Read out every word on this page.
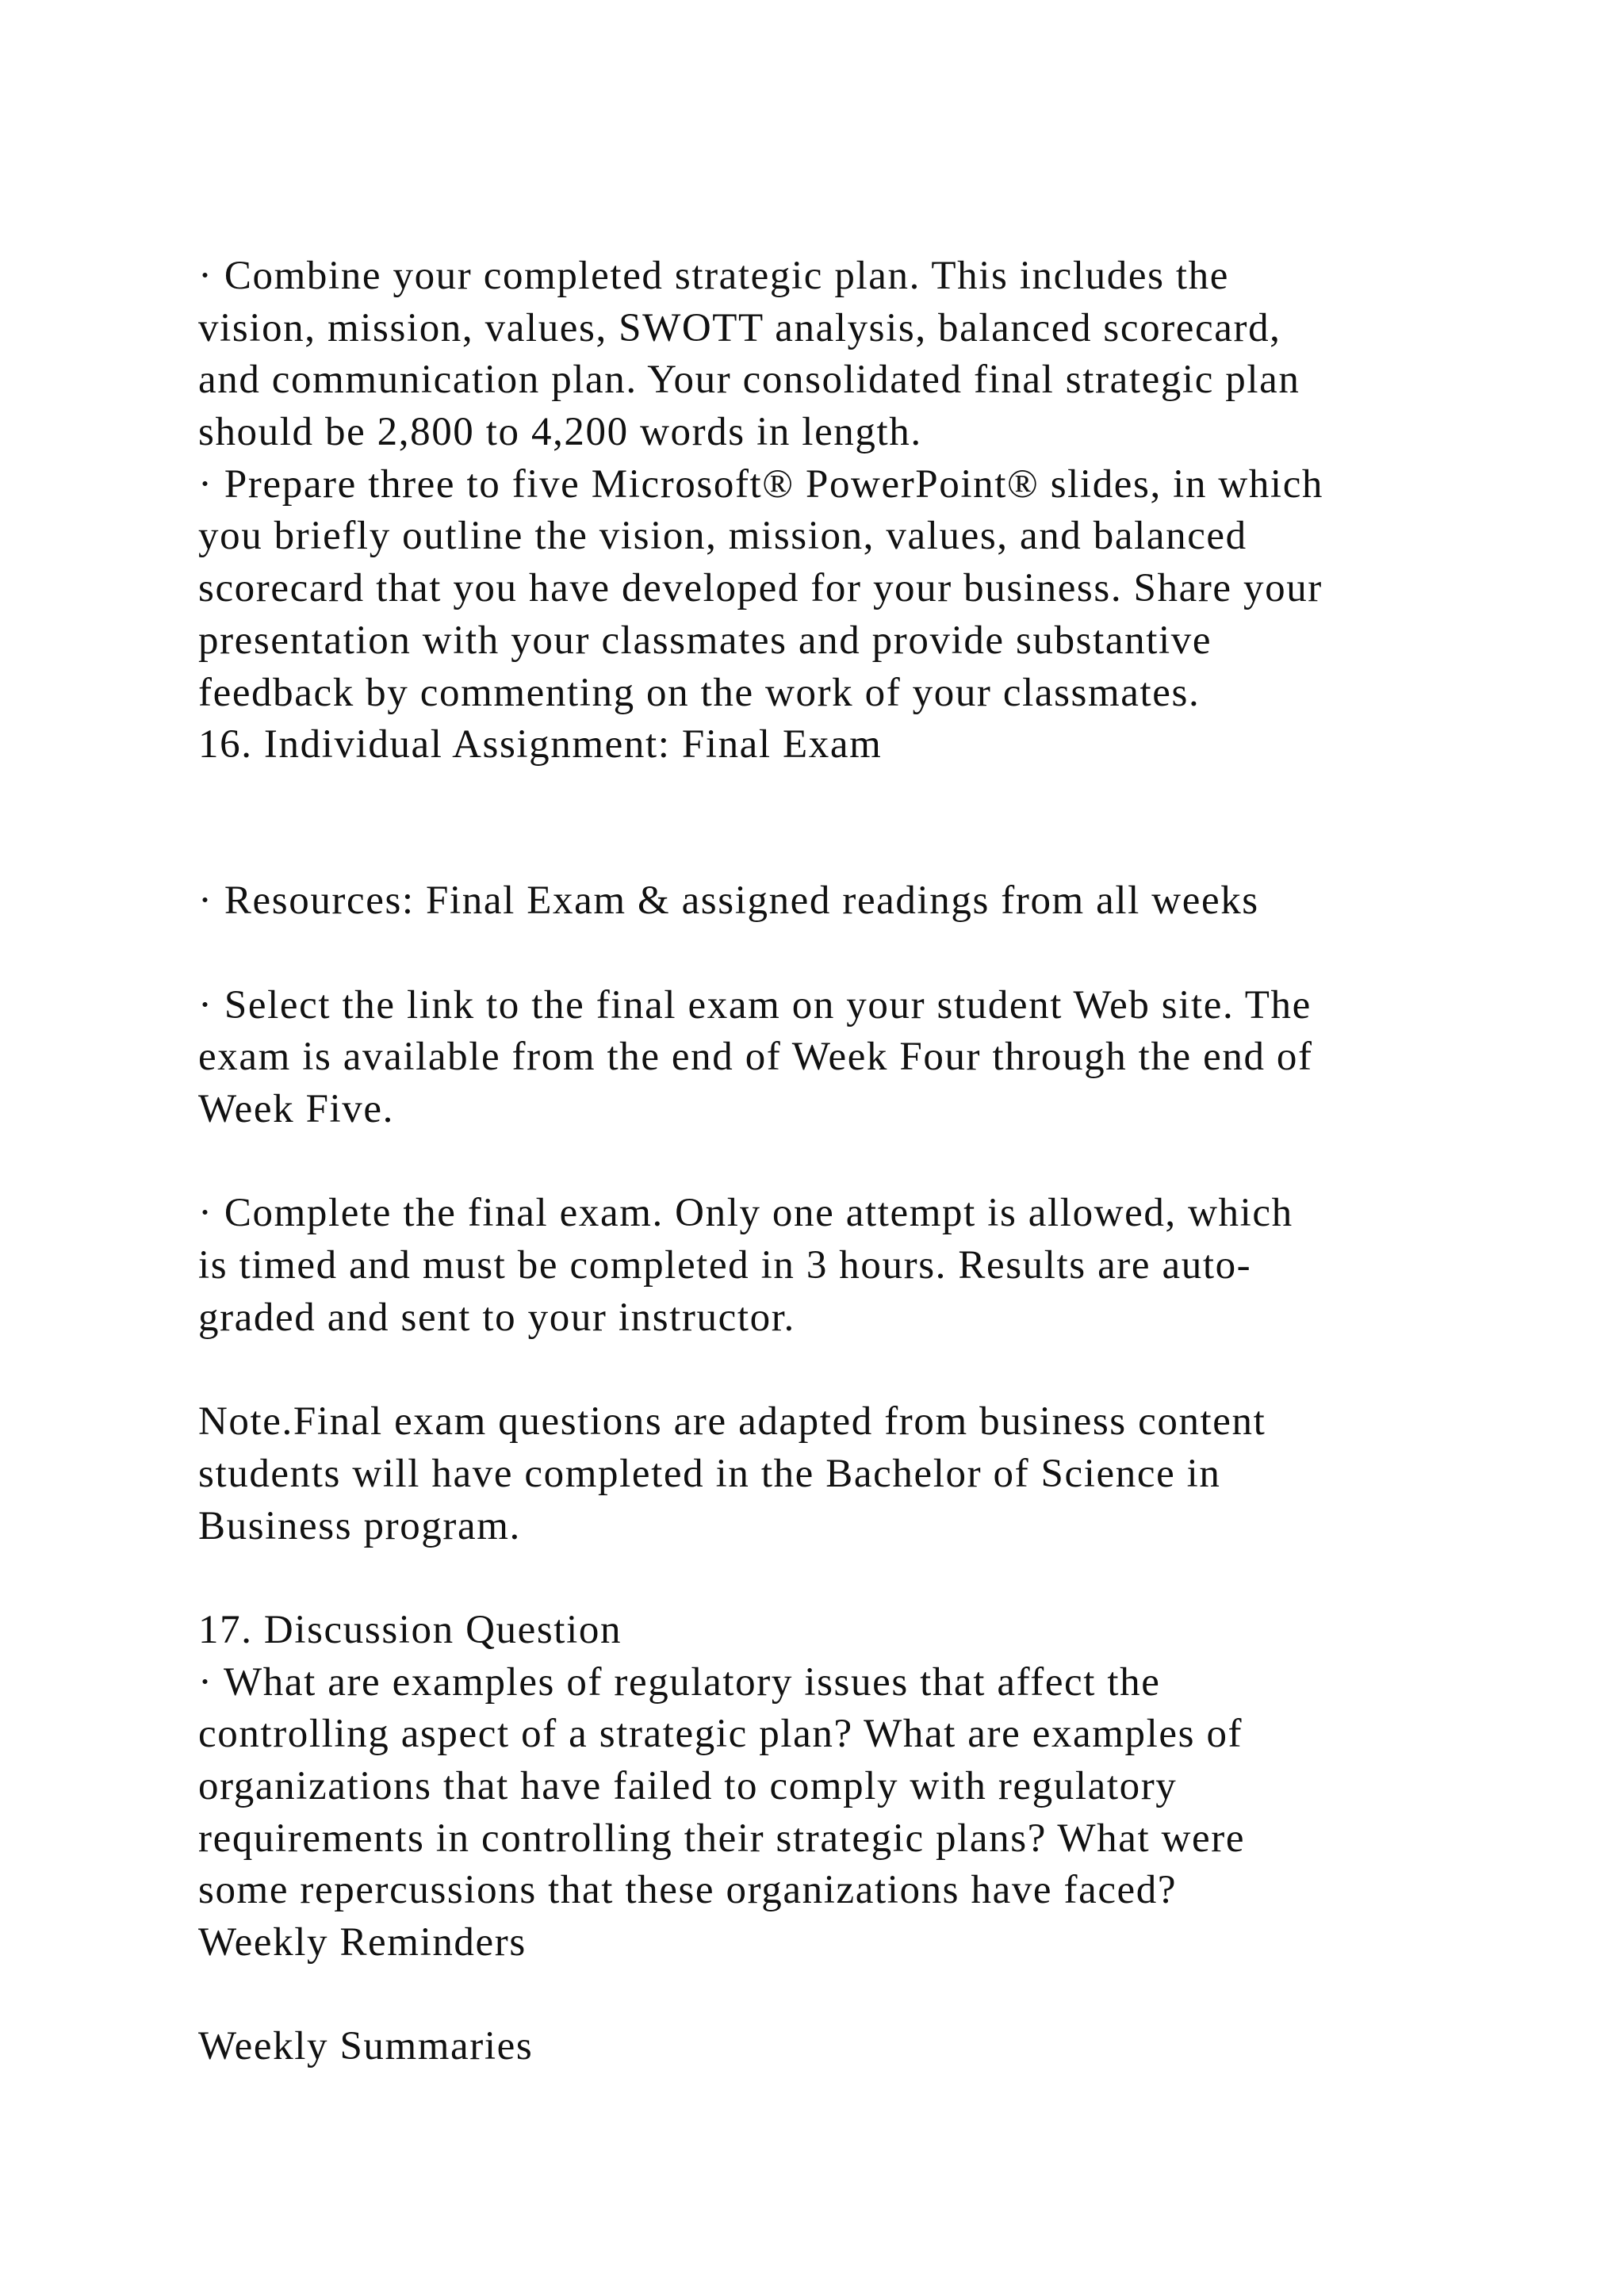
· Combine your completed strategic plan. This includes the
vision, mission, values, SWOTT analysis, balanced scorecard,
and communication plan. Your consolidated final strategic plan
should be 2,800 to 4,200 words in length.
· Prepare three to five Microsoft® PowerPoint® slides, in which
you briefly outline the vision, mission, values, and balanced
scorecard that you have developed for your business. Share your
presentation with your classmates and provide substantive
feedback by commenting on the work of your classmates.
16. Individual Assignment: Final Exam
· Resources: Final Exam & assigned readings from all weeks
· Select the link to the final exam on your student Web site. The
exam is available from the end of Week Four through the end of
Week Five.
· Complete the final exam. Only one attempt is allowed, which
is timed and must be completed in 3 hours. Results are auto-
graded and sent to your instructor.
Note.Final exam questions are adapted from business content
students will have completed in the Bachelor of Science in
Business program.
17. Discussion Question
· What are examples of regulatory issues that affect the
controlling aspect of a strategic plan? What are examples of
organizations that have failed to comply with regulatory
requirements in controlling their strategic plans? What were
some repercussions that these organizations have faced?
Weekly Reminders
Weekly Summaries
